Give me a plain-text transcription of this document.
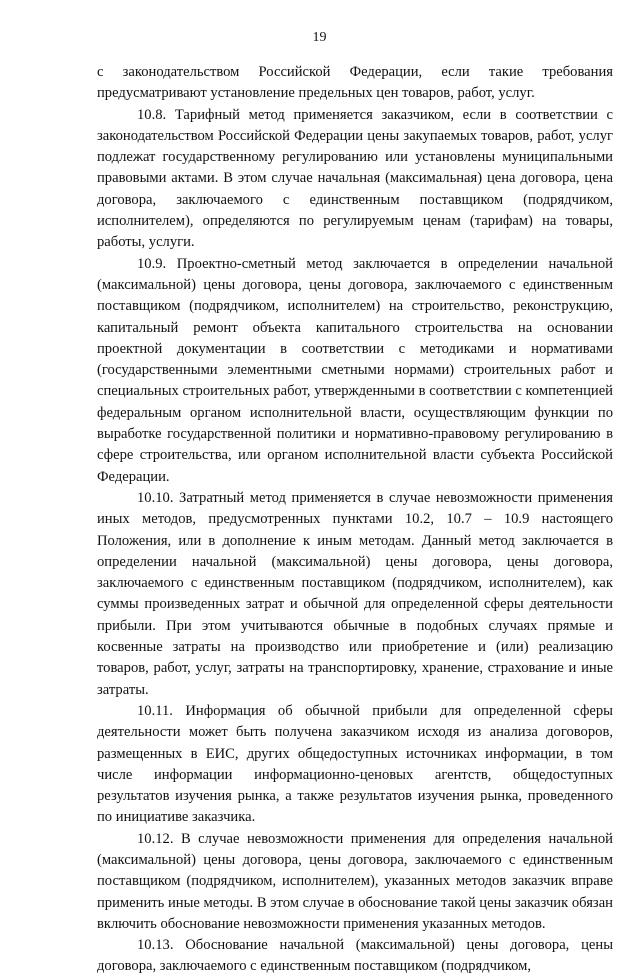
19

с законодательством Российской Федерации, если такие требования предусматривают установление предельных цен товаров, работ, услуг.

10.8. Тарифный метод применяется заказчиком, если в соответствии с законодательством Российской Федерации цены закупаемых товаров, работ, услуг подлежат государственному регулированию или установлены муниципальными правовыми актами. В этом случае начальная (максимальная) цена договора, цена договора, заключаемого с единственным поставщиком (подрядчиком, исполнителем), определяются по регулируемым ценам (тарифам) на товары, работы, услуги.

10.9. Проектно-сметный метод заключается в определении начальной (максимальной) цены договора, цены договора, заключаемого с единственным поставщиком (подрядчиком, исполнителем) на строительство, реконструкцию, капитальный ремонт объекта капитального строительства на основании проектной документации в соответствии с методиками и нормативами (государственными элементными сметными нормами) строительных работ и специальных строительных работ, утвержденными в соответствии с компетенцией федеральным органом исполнительной власти, осуществляющим функции по выработке государственной политики и нормативно-правовому регулированию в сфере строительства, или органом исполнительной власти субъекта Российской Федерации.

10.10. Затратный метод применяется в случае невозможности применения иных методов, предусмотренных пунктами 10.2, 10.7 – 10.9 настоящего Положения, или в дополнение к иным методам. Данный метод заключается в определении начальной (максимальной) цены договора, цены договора, заключаемого с единственным поставщиком (подрядчиком, исполнителем), как суммы произведенных затрат и обычной для определенной сферы деятельности прибыли. При этом учитываются обычные в подобных случаях прямые и косвенные затраты на производство или приобретение и (или) реализацию товаров, работ, услуг, затраты на транспортировку, хранение, страхование и иные затраты.

10.11. Информация об обычной прибыли для определенной сферы деятельности может быть получена заказчиком исходя из анализа договоров, размещенных в ЕИС, других общедоступных источниках информации, в том числе информации информационно-ценовых агентств, общедоступных результатов изучения рынка, а также результатов изучения рынка, проведенного по инициативе заказчика.

10.12. В случае невозможности применения для определения начальной (максимальной) цены договора, цены договора, заключаемого с единственным поставщиком (подрядчиком, исполнителем), указанных методов заказчик вправе применить иные методы. В этом случае в обоснование такой цены заказчик обязан включить обоснование невозможности применения указанных методов.

10.13. Обоснование начальной (максимальной) цены договора, цены договора, заключаемого с единственным поставщиком (подрядчиком,
